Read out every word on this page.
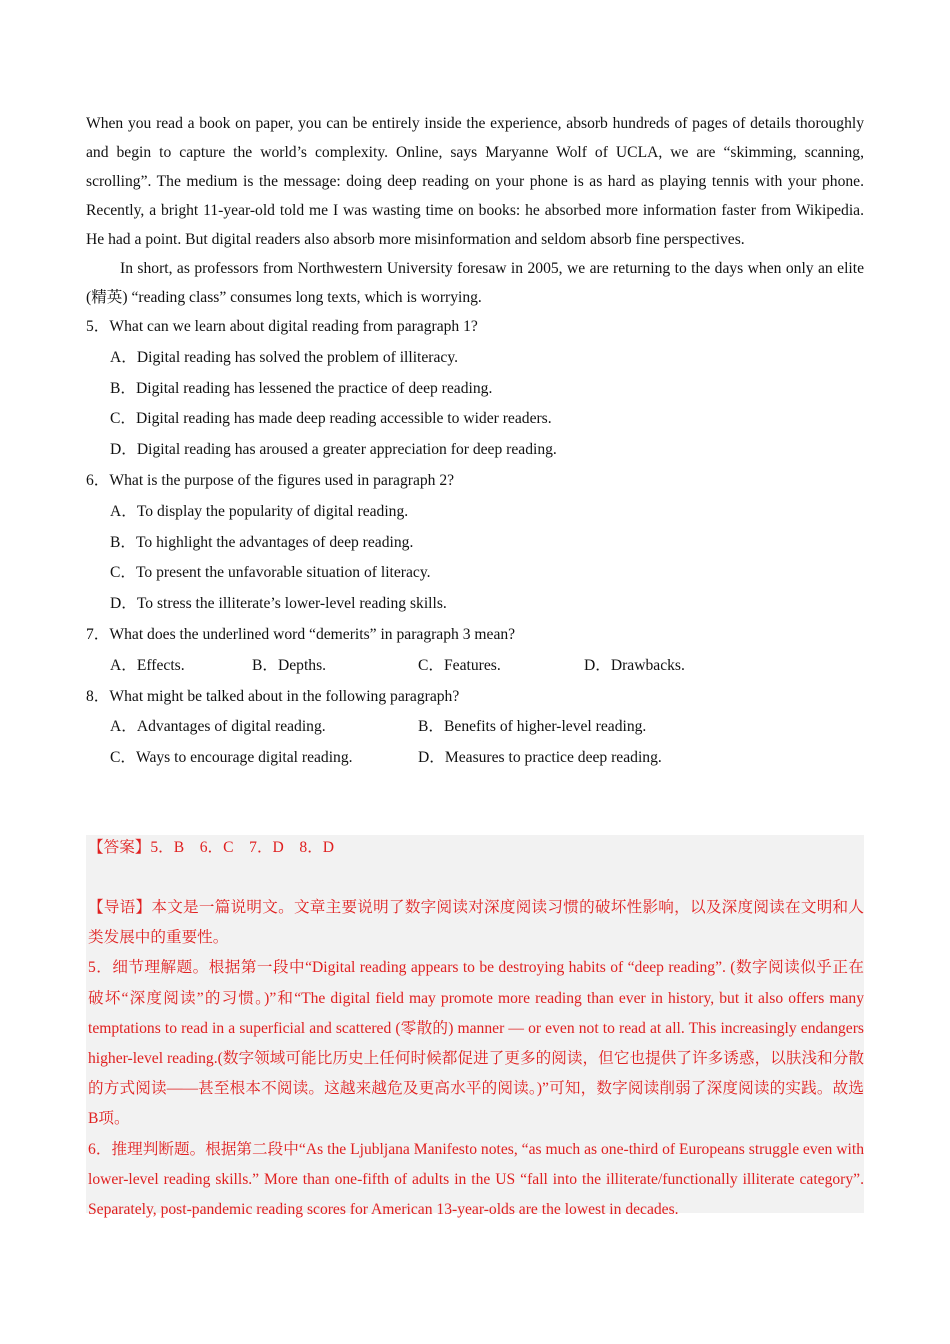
When you read a book on paper, you can be entirely inside the experience, absorb hundreds of pages of details thoroughly and begin to capture the world’s complexity. Online, says Maryanne Wolf of UCLA, we are “skimming, scanning, scrolling”. The medium is the message: doing deep reading on your phone is as hard as playing tennis with your phone. Recently, a bright 11-year-old told me I was wasting time on books: he absorbed more information faster from Wikipedia. He had a point. But digital readers also absorb more misinformation and seldom absorb fine perspectives.

In short, as professors from Northwestern University foresaw in 2005, we are returning to the days when only an elite (精英) “reading class” consumes long texts, which is worrying.

5．What can we learn about digital reading from paragraph 1?

A．Digital reading has solved the problem of illiteracy.

B．Digital reading has lessened the practice of deep reading.

C．Digital reading has made deep reading accessible to wider readers.

D．Digital reading has aroused a greater appreciation for deep reading.

6．What is the purpose of the figures used in paragraph 2?

A．To display the popularity of digital reading.

B．To highlight the advantages of deep reading.

C．To present the unfavorable situation of literacy.

D．To stress the illiterate’s lower-level reading skills.

7．What does the underlined word “demerits” in paragraph 3 mean?

A．Effects.	B．Depths.	C．Features.	D．Drawbacks.

8．What might be talked about in the following paragraph?

A．Advantages of digital reading.	B．Benefits of higher-level reading.
C．Ways to encourage digital reading.	D．Measures to practice deep reading.

【答案】5．B　6．C　7．D　8．D

【导语】本文是一篇说明文。文章主要说明了数字阅读对深度阅读习惯的破坏性影响，以及深度阅读在文明和人类发展中的重要性。

5．细节理解题。根据第一段中“Digital reading appears to be destroying habits of “deep reading”. (数字阅读似乎正在破坏“深度阅读”的习惯。)”和“The digital field may promote more reading than ever in history, but it also offers many temptations to read in a superficial and scattered (零散的) manner — or even not to read at all. This increasingly endangers higher-level reading.(数字领域可能比历史上任何时候都促进了更多的阅读，但它也提供了许多诱惑，以肤浅和分散的方式阅读——甚至根本不阅读。这越来越危及更高水平的阅读。)”可知，数字阅读削弱了深度阅读的实践。故选B项。

6．推理判断题。根据第二段中“As the Ljubljana Manifesto notes, “as much as one-third of Europeans struggle even with lower-level reading skills.” More than one-fifth of adults in the US “fall into the illiterate/functionally illiterate category”. Separately, post-pandemic reading scores for American 13-year-olds are the lowest in decades.
